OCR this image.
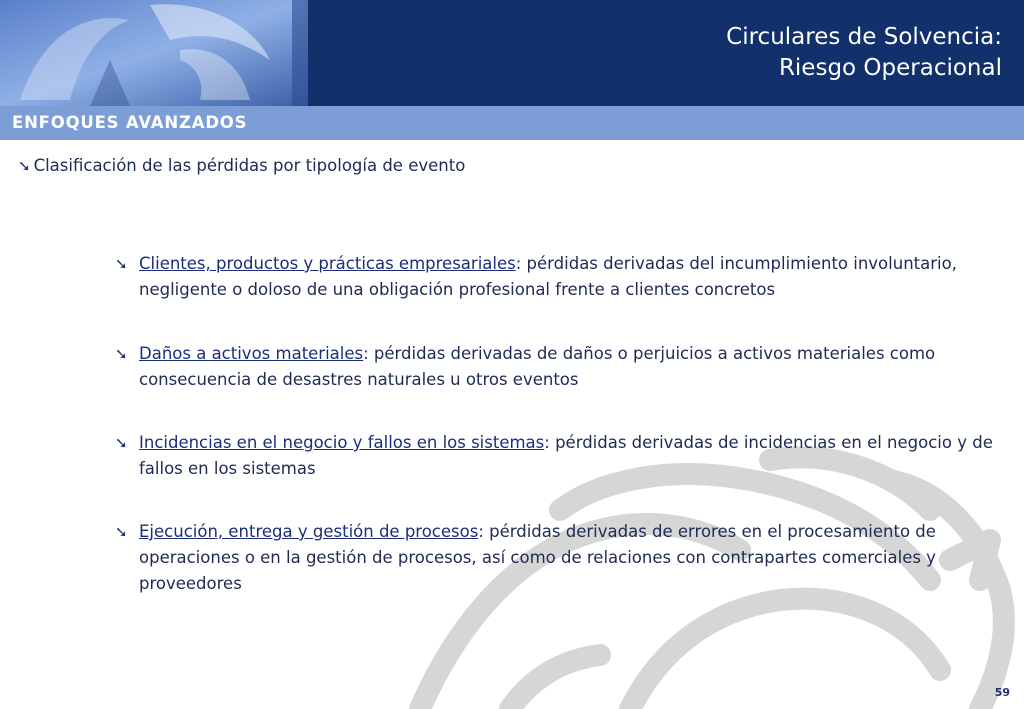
Circulares de Solvencia:
Riesgo Operacional
ENFOQUES AVANZADOS
➘ Clasificación de las pérdidas por tipología de evento
➘ Clientes, productos y prácticas empresariales: pérdidas derivadas del incumplimiento involuntario, negligente o doloso de una obligación profesional frente a clientes concretos
➘ Daños a activos materiales: pérdidas derivadas de daños o perjuicios a activos materiales como consecuencia de desastres naturales u otros eventos
➘ Incidencias en el negocio y fallos en los sistemas: pérdidas derivadas de incidencias en el negocio y de fallos en los sistemas
➘ Ejecución, entrega y gestión de procesos: pérdidas derivadas de errores en el procesamiento de operaciones o en la gestión de procesos, así como de relaciones con contrapartes comerciales y proveedores
59
